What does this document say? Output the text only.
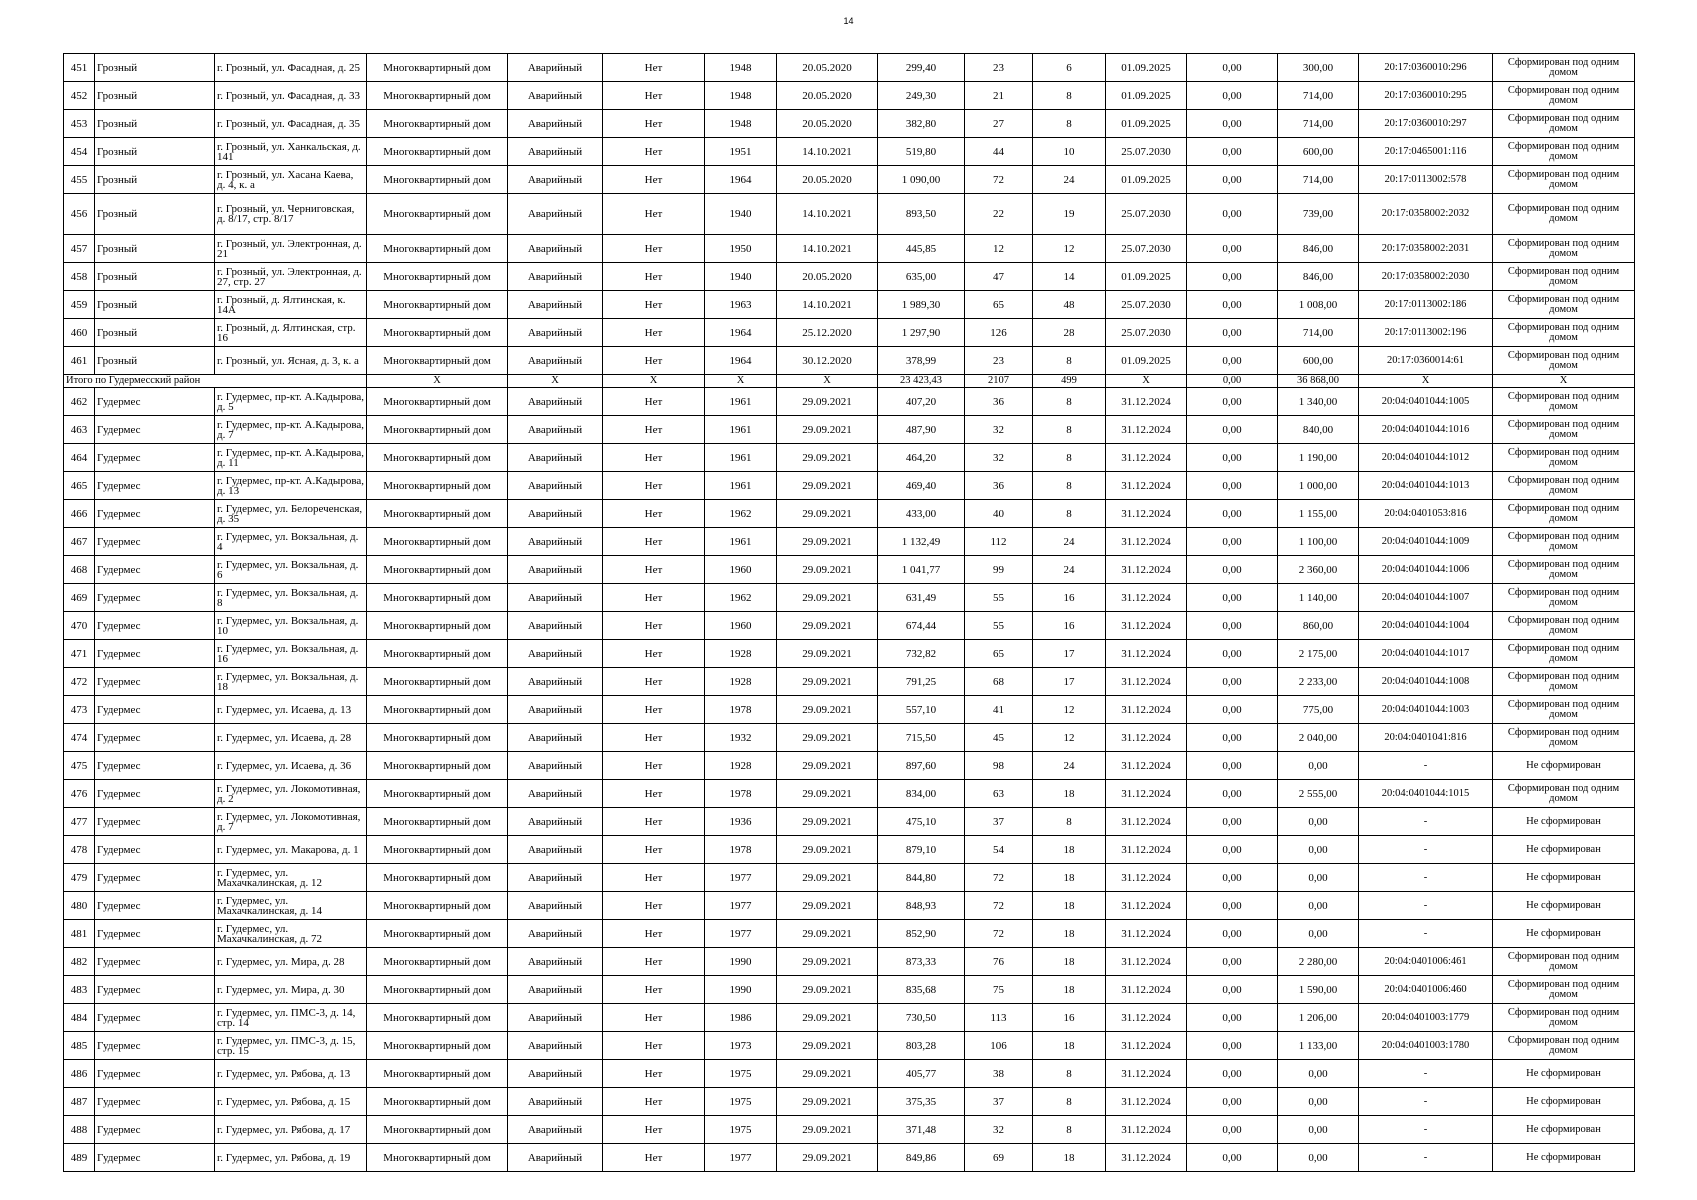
14
451	Грозный	г. Грозный, ул. Фасадная, д. 25	Многоквартирный дом	Аварийный	Нет	1948	20.05.2020	299,40	23	6	01.09.2025	0,00	300,00	20:17:0360010:296	Сформирован под одним домом
452	Грозный	г. Грозный, ул. Фасадная, д. 33	Многоквартирный дом	Аварийный	Нет	1948	20.05.2020	249,30	21	8	01.09.2025	0,00	714,00	20:17:0360010:295	Сформирован под одним домом
453	Грозный	г. Грозный, ул. Фасадная, д. 35	Многоквартирный дом	Аварийный	Нет	1948	20.05.2020	382,80	27	8	01.09.2025	0,00	714,00	20:17:0360010:297	Сформирован под одним домом
454	Грозный	г. Грозный, ул. Ханкальская, д. 141	Многоквартирный дом	Аварийный	Нет	1951	14.10.2021	519,80	44	10	25.07.2030	0,00	600,00	20:17:0465001:116	Сформирован под одним домом
455	Грозный	г. Грозный, ул. Хасана Каева, д. 4, к. а	Многоквартирный дом	Аварийный	Нет	1964	20.05.2020	1 090,00	72	24	01.09.2025	0,00	714,00	20:17:0113002:578	Сформирован под одним домом
456	Грозный	г. Грозный, ул. Черниговская, д. 8/17, стр. 8/17	Многоквартирный дом	Аварийный	Нет	1940	14.10.2021	893,50	22	19	25.07.2030	0,00	739,00	20:17:0358002:2032	Сформирован под одним домом
457	Грозный	г. Грозный, ул. Электронная, д. 21	Многоквартирный дом	Аварийный	Нет	1950	14.10.2021	445,85	12	12	25.07.2030	0,00	846,00	20:17:0358002:2031	Сформирован под одним домом
458	Грозный	г. Грозный, ул. Электронная, д. 27, стр. 27	Многоквартирный дом	Аварийный	Нет	1940	20.05.2020	635,00	47	14	01.09.2025	0,00	846,00	20:17:0358002:2030	Сформирован под одним домом
459	Грозный	г. Грозный, д. Ялтинская, к. 14А	Многоквартирный дом	Аварийный	Нет	1963	14.10.2021	1 989,30	65	48	25.07.2030	0,00	1 008,00	20:17:0113002:186	Сформирован под одним домом
460	Грозный	г. Грозный, д. Ялтинская, стр. 16	Многоквартирный дом	Аварийный	Нет	1964	25.12.2020	1 297,90	126	28	25.07.2030	0,00	714,00	20:17:0113002:196	Сформирован под одним домом
461	Грозный	г. Грозный, ул. Ясная, д. 3, к. а	Многоквартирный дом	Аварийный	Нет	1964	30.12.2020	378,99	23	8	01.09.2025	0,00	600,00	20:17:0360014:61	Сформирован под одним домом
Итого по Гудермесский район			X	X	X	X	X	23 423,43	2107	499	X	0,00	36 868,00	X	X
462	Гудермес	г. Гудермес, пр-кт. А.Кадырова, д. 5	Многоквартирный дом	Аварийный	Нет	1961	29.09.2021	407,20	36	8	31.12.2024	0,00	1 340,00	20:04:0401044:1005	Сформирован под одним домом
463	Гудермес	г. Гудермес, пр-кт. А.Кадырова, д. 7	Многоквартирный дом	Аварийный	Нет	1961	29.09.2021	487,90	32	8	31.12.2024	0,00	840,00	20:04:0401044:1016	Сформирован под одним домом
464	Гудермес	г. Гудермес, пр-кт. А.Кадырова, д. 11	Многоквартирный дом	Аварийный	Нет	1961	29.09.2021	464,20	32	8	31.12.2024	0,00	1 190,00	20:04:0401044:1012	Сформирован под одним домом
465	Гудермес	г. Гудермес, пр-кт. А.Кадырова, д. 13	Многоквартирный дом	Аварийный	Нет	1961	29.09.2021	469,40	36	8	31.12.2024	0,00	1 000,00	20:04:0401044:1013	Сформирован под одним домом
466	Гудермес	г. Гудермес, ул. Белореченская, д. 35	Многоквартирный дом	Аварийный	Нет	1962	29.09.2021	433,00	40	8	31.12.2024	0,00	1 155,00	20:04:0401053:816	Сформирован под одним домом
467	Гудермес	г. Гудермес, ул. Вокзальная, д. 4	Многоквартирный дом	Аварийный	Нет	1961	29.09.2021	1 132,49	112	24	31.12.2024	0,00	1 100,00	20:04:0401044:1009	Сформирован под одним домом
468	Гудермес	г. Гудермес, ул. Вокзальная, д. 6	Многоквартирный дом	Аварийный	Нет	1960	29.09.2021	1 041,77	99	24	31.12.2024	0,00	2 360,00	20:04:0401044:1006	Сформирован под одним домом
469	Гудермес	г. Гудермес, ул. Вокзальная, д. 8	Многоквартирный дом	Аварийный	Нет	1962	29.09.2021	631,49	55	16	31.12.2024	0,00	1 140,00	20:04:0401044:1007	Сформирован под одним домом
470	Гудермес	г. Гудермес, ул. Вокзальная, д. 10	Многоквартирный дом	Аварийный	Нет	1960	29.09.2021	674,44	55	16	31.12.2024	0,00	860,00	20:04:0401044:1004	Сформирован под одним домом
471	Гудермес	г. Гудермес, ул. Вокзальная, д. 16	Многоквартирный дом	Аварийный	Нет	1928	29.09.2021	732,82	65	17	31.12.2024	0,00	2 175,00	20:04:0401044:1017	Сформирован под одним домом
472	Гудермес	г. Гудермес, ул. Вокзальная, д. 18	Многоквартирный дом	Аварийный	Нет	1928	29.09.2021	791,25	68	17	31.12.2024	0,00	2 233,00	20:04:0401044:1008	Сформирован под одним домом
473	Гудермес	г. Гудермес, ул. Исаева, д. 13	Многоквартирный дом	Аварийный	Нет	1978	29.09.2021	557,10	41	12	31.12.2024	0,00	775,00	20:04:0401044:1003	Сформирован под одним домом
474	Гудермес	г. Гудермес, ул. Исаева, д. 28	Многоквартирный дом	Аварийный	Нет	1932	29.09.2021	715,50	45	12	31.12.2024	0,00	2 040,00	20:04:0401041:816	Сформирован под одним домом
475	Гудермес	г. Гудермес, ул. Исаева, д. 36	Многоквартирный дом	Аварийный	Нет	1928	29.09.2021	897,60	98	24	31.12.2024	0,00	0,00	-	Не сформирован
476	Гудермес	г. Гудермес, ул. Локомотивная, д. 2	Многоквартирный дом	Аварийный	Нет	1978	29.09.2021	834,00	63	18	31.12.2024	0,00	2 555,00	20:04:0401044:1015	Сформирован под одним домом
477	Гудермес	г. Гудермес, ул. Локомотивная, д. 7	Многоквартирный дом	Аварийный	Нет	1936	29.09.2021	475,10	37	8	31.12.2024	0,00	0,00	-	Не сформирован
478	Гудермес	г. Гудермес, ул. Макарова, д. 1	Многоквартирный дом	Аварийный	Нет	1978	29.09.2021	879,10	54	18	31.12.2024	0,00	0,00	-	Не сформирован
479	Гудермес	г. Гудермес, ул. Махачкалинская, д. 12	Многоквартирный дом	Аварийный	Нет	1977	29.09.2021	844,80	72	18	31.12.2024	0,00	0,00	-	Не сформирован
480	Гудермес	г. Гудермес, ул. Махачкалинская, д. 14	Многоквартирный дом	Аварийный	Нет	1977	29.09.2021	848,93	72	18	31.12.2024	0,00	0,00	-	Не сформирован
481	Гудермес	г. Гудермес, ул. Махачкалинская, д. 72	Многоквартирный дом	Аварийный	Нет	1977	29.09.2021	852,90	72	18	31.12.2024	0,00	0,00	-	Не сформирован
482	Гудермес	г. Гудермес, ул. Мира, д. 28	Многоквартирный дом	Аварийный	Нет	1990	29.09.2021	873,33	76	18	31.12.2024	0,00	2 280,00	20:04:0401006:461	Сформирован под одним домом
483	Гудермес	г. Гудермес, ул. Мира, д. 30	Многоквартирный дом	Аварийный	Нет	1990	29.09.2021	835,68	75	18	31.12.2024	0,00	1 590,00	20:04:0401006:460	Сформирован под одним домом
484	Гудермес	г. Гудермес, ул. ПМС-3, д. 14, стр. 14	Многоквартирный дом	Аварийный	Нет	1986	29.09.2021	730,50	113	16	31.12.2024	0,00	1 206,00	20:04:0401003:1779	Сформирован под одним домом
485	Гудермес	г. Гудермес, ул. ПМС-3, д. 15, стр. 15	Многоквартирный дом	Аварийный	Нет	1973	29.09.2021	803,28	106	18	31.12.2024	0,00	1 133,00	20:04:0401003:1780	Сформирован под одним домом
486	Гудермес	г. Гудермес, ул. Рябова, д. 13	Многоквартирный дом	Аварийный	Нет	1975	29.09.2021	405,77	38	8	31.12.2024	0,00	0,00	-	Не сформирован
487	Гудермес	г. Гудермес, ул. Рябова, д. 15	Многоквартирный дом	Аварийный	Нет	1975	29.09.2021	375,35	37	8	31.12.2024	0,00	0,00	-	Не сформирован
488	Гудермес	г. Гудермес, ул. Рябова, д. 17	Многоквартирный дом	Аварийный	Нет	1975	29.09.2021	371,48	32	8	31.12.2024	0,00	0,00	-	Не сформирован
489	Гудермес	г. Гудермес, ул. Рябова, д. 19	Многоквартирный дом	Аварийный	Нет	1977	29.09.2021	849,86	69	18	31.12.2024	0,00	0,00	-	Не сформирован
